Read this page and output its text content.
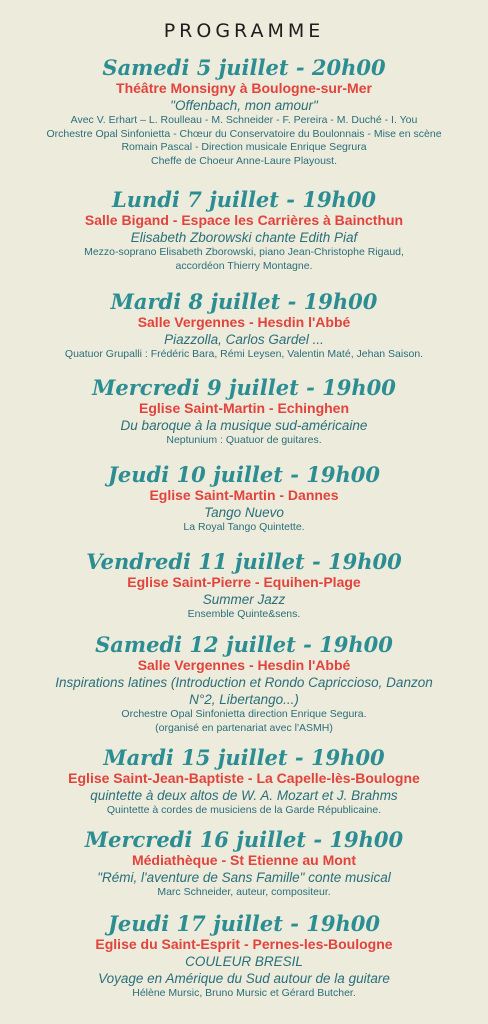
PROGRAMME

Samedi 5 juillet - 20h00

Théâtre Monsigny à Boulogne-sur-Mer

"Offenbach, mon amour"

Avec V. Erhart – L. Roulleau - M. Schneider - F. Pereira - M. Duché - I. You

Orchestre Opal Sinfonietta - Chœur du Conservatoire du Boulonnais - Mise en scène

Romain Pascal - Direction musicale Enrique Segrura

Cheffe de Choeur Anne-Laure Playoust.

Lundi 7 juillet - 19h00

Salle Bigand - Espace les Carrières à Baincthun

Elisabeth Zborowski chante Edith Piaf

Mezzo-soprano Elisabeth Zborowski, piano Jean-Christophe Rigaud,

accordéon Thierry Montagne.

Mardi 8 juillet - 19h00

Salle Vergennes - Hesdin l'Abbé

Piazzolla, Carlos Gardel ...

Quatuor Grupalli : Frédéric Bara, Rémi Leysen, Valentin Maté, Jehan Saison.

Mercredi 9 juillet - 19h00

Eglise Saint-Martin - Echinghen

Du baroque à la musique sud-américaine

Neptunium : Quatuor de guitares.

Jeudi 10 juillet - 19h00

Eglise Saint-Martin - Dannes

Tango Nuevo

La Royal Tango Quintette.

Vendredi 11 juillet - 19h00

Eglise Saint-Pierre - Equihen-Plage

Summer Jazz

Ensemble Quinte&sens.

Samedi 12 juillet - 19h00

Salle Vergennes - Hesdin l'Abbé

Inspirations latines (Introduction et Rondo Capriccioso, Danzon

N°2, Libertango...)

Orchestre Opal Sinfonietta direction Enrique Segura.

(organisé en partenariat avec l'ASMH)

Mardi 15 juillet - 19h00

Eglise Saint-Jean-Baptiste - La Capelle-lès-Boulogne

quintette à deux altos de W. A. Mozart et J. Brahms

Quintette à cordes de musiciens de la Garde Républicaine.

Mercredi 16 juillet - 19h00

Médiathèque - St Etienne au Mont

"Rémi, l'aventure de Sans Famille" conte musical

Marc Schneider, auteur, compositeur.

Jeudi 17 juillet - 19h00

Eglise du Saint-Esprit - Pernes-les-Boulogne

COULEUR BRESIL

Voyage en Amérique du Sud autour de la guitare

Hélène Mursic, Bruno Mursic et Gérard Butcher.
